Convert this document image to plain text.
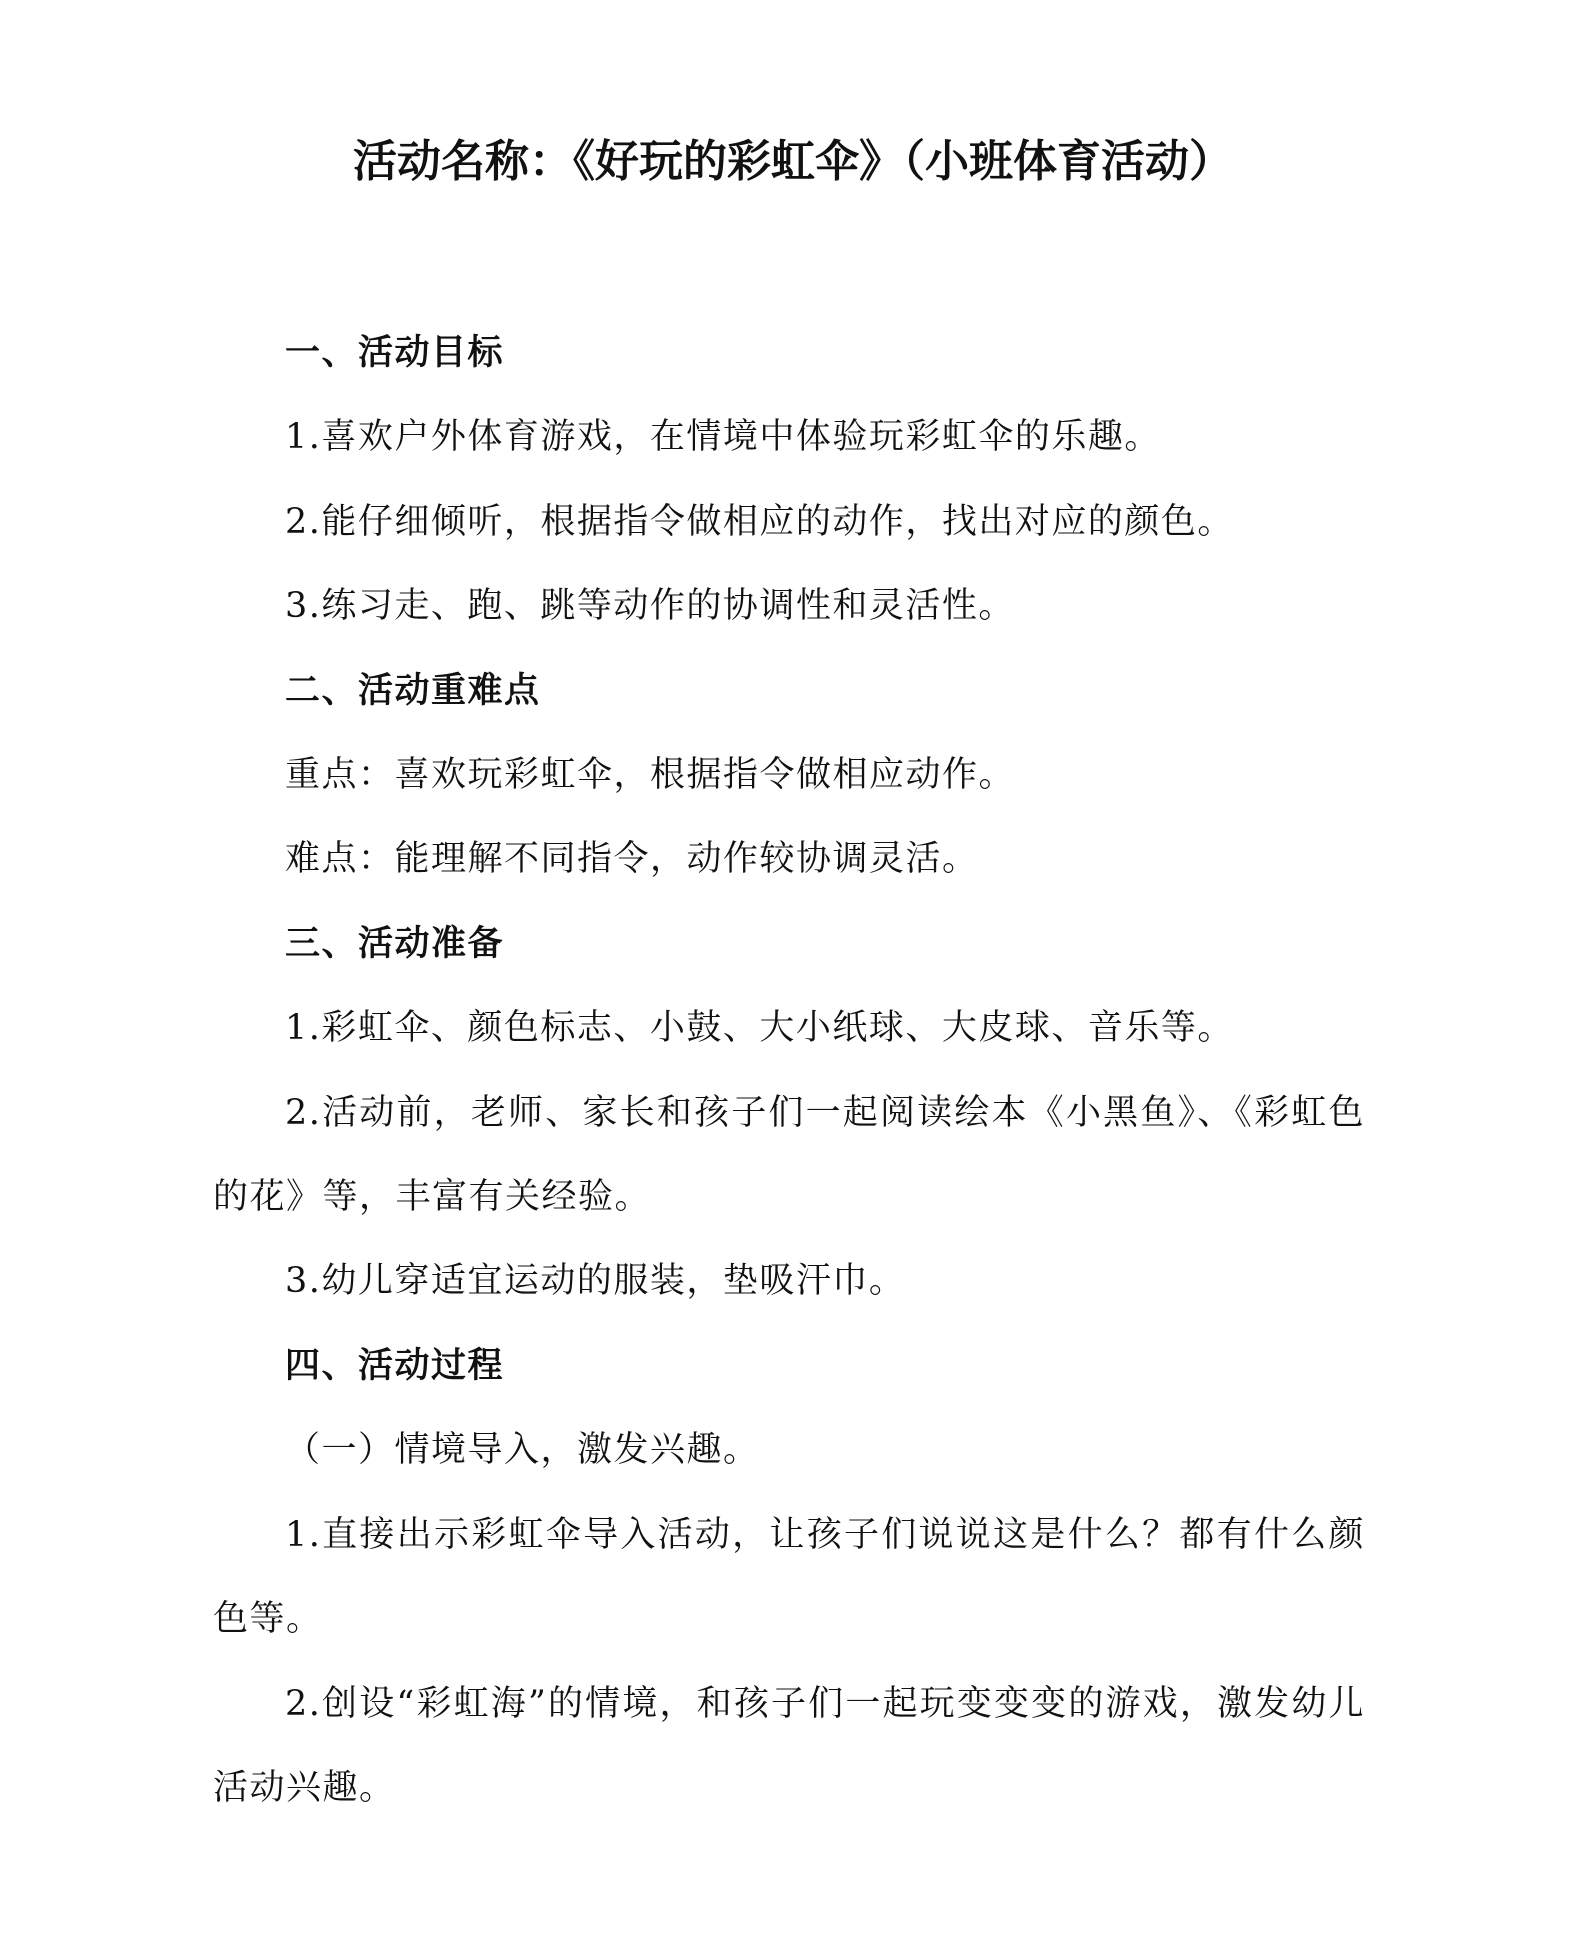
活动名称：《好玩的彩虹伞》（小班体育活动）

一、活动目标

1.喜欢户外体育游戏，在情境中体验玩彩虹伞的乐趣。

2.能仔细倾听，根据指令做相应的动作，找出对应的颜色。

3.练习走、跑、跳等动作的协调性和灵活性。

二、活动重难点

重点：喜欢玩彩虹伞，根据指令做相应动作。

难点：能理解不同指令，动作较协调灵活。

三、活动准备

1.彩虹伞、颜色标志、小鼓、大小纸球、大皮球、音乐等。

2.活动前，老师、家长和孩子们一起阅读绘本《小黑鱼》、《彩虹色的花》等，丰富有关经验。

3.幼儿穿适宜运动的服装，垫吸汗巾。

四、活动过程

（一）情境导入，激发兴趣。

1.直接出示彩虹伞导入活动，让孩子们说说这是什么？都有什么颜色等。

2.创设“彩虹海”的情境，和孩子们一起玩变变变的游戏，激发幼儿活动兴趣。
